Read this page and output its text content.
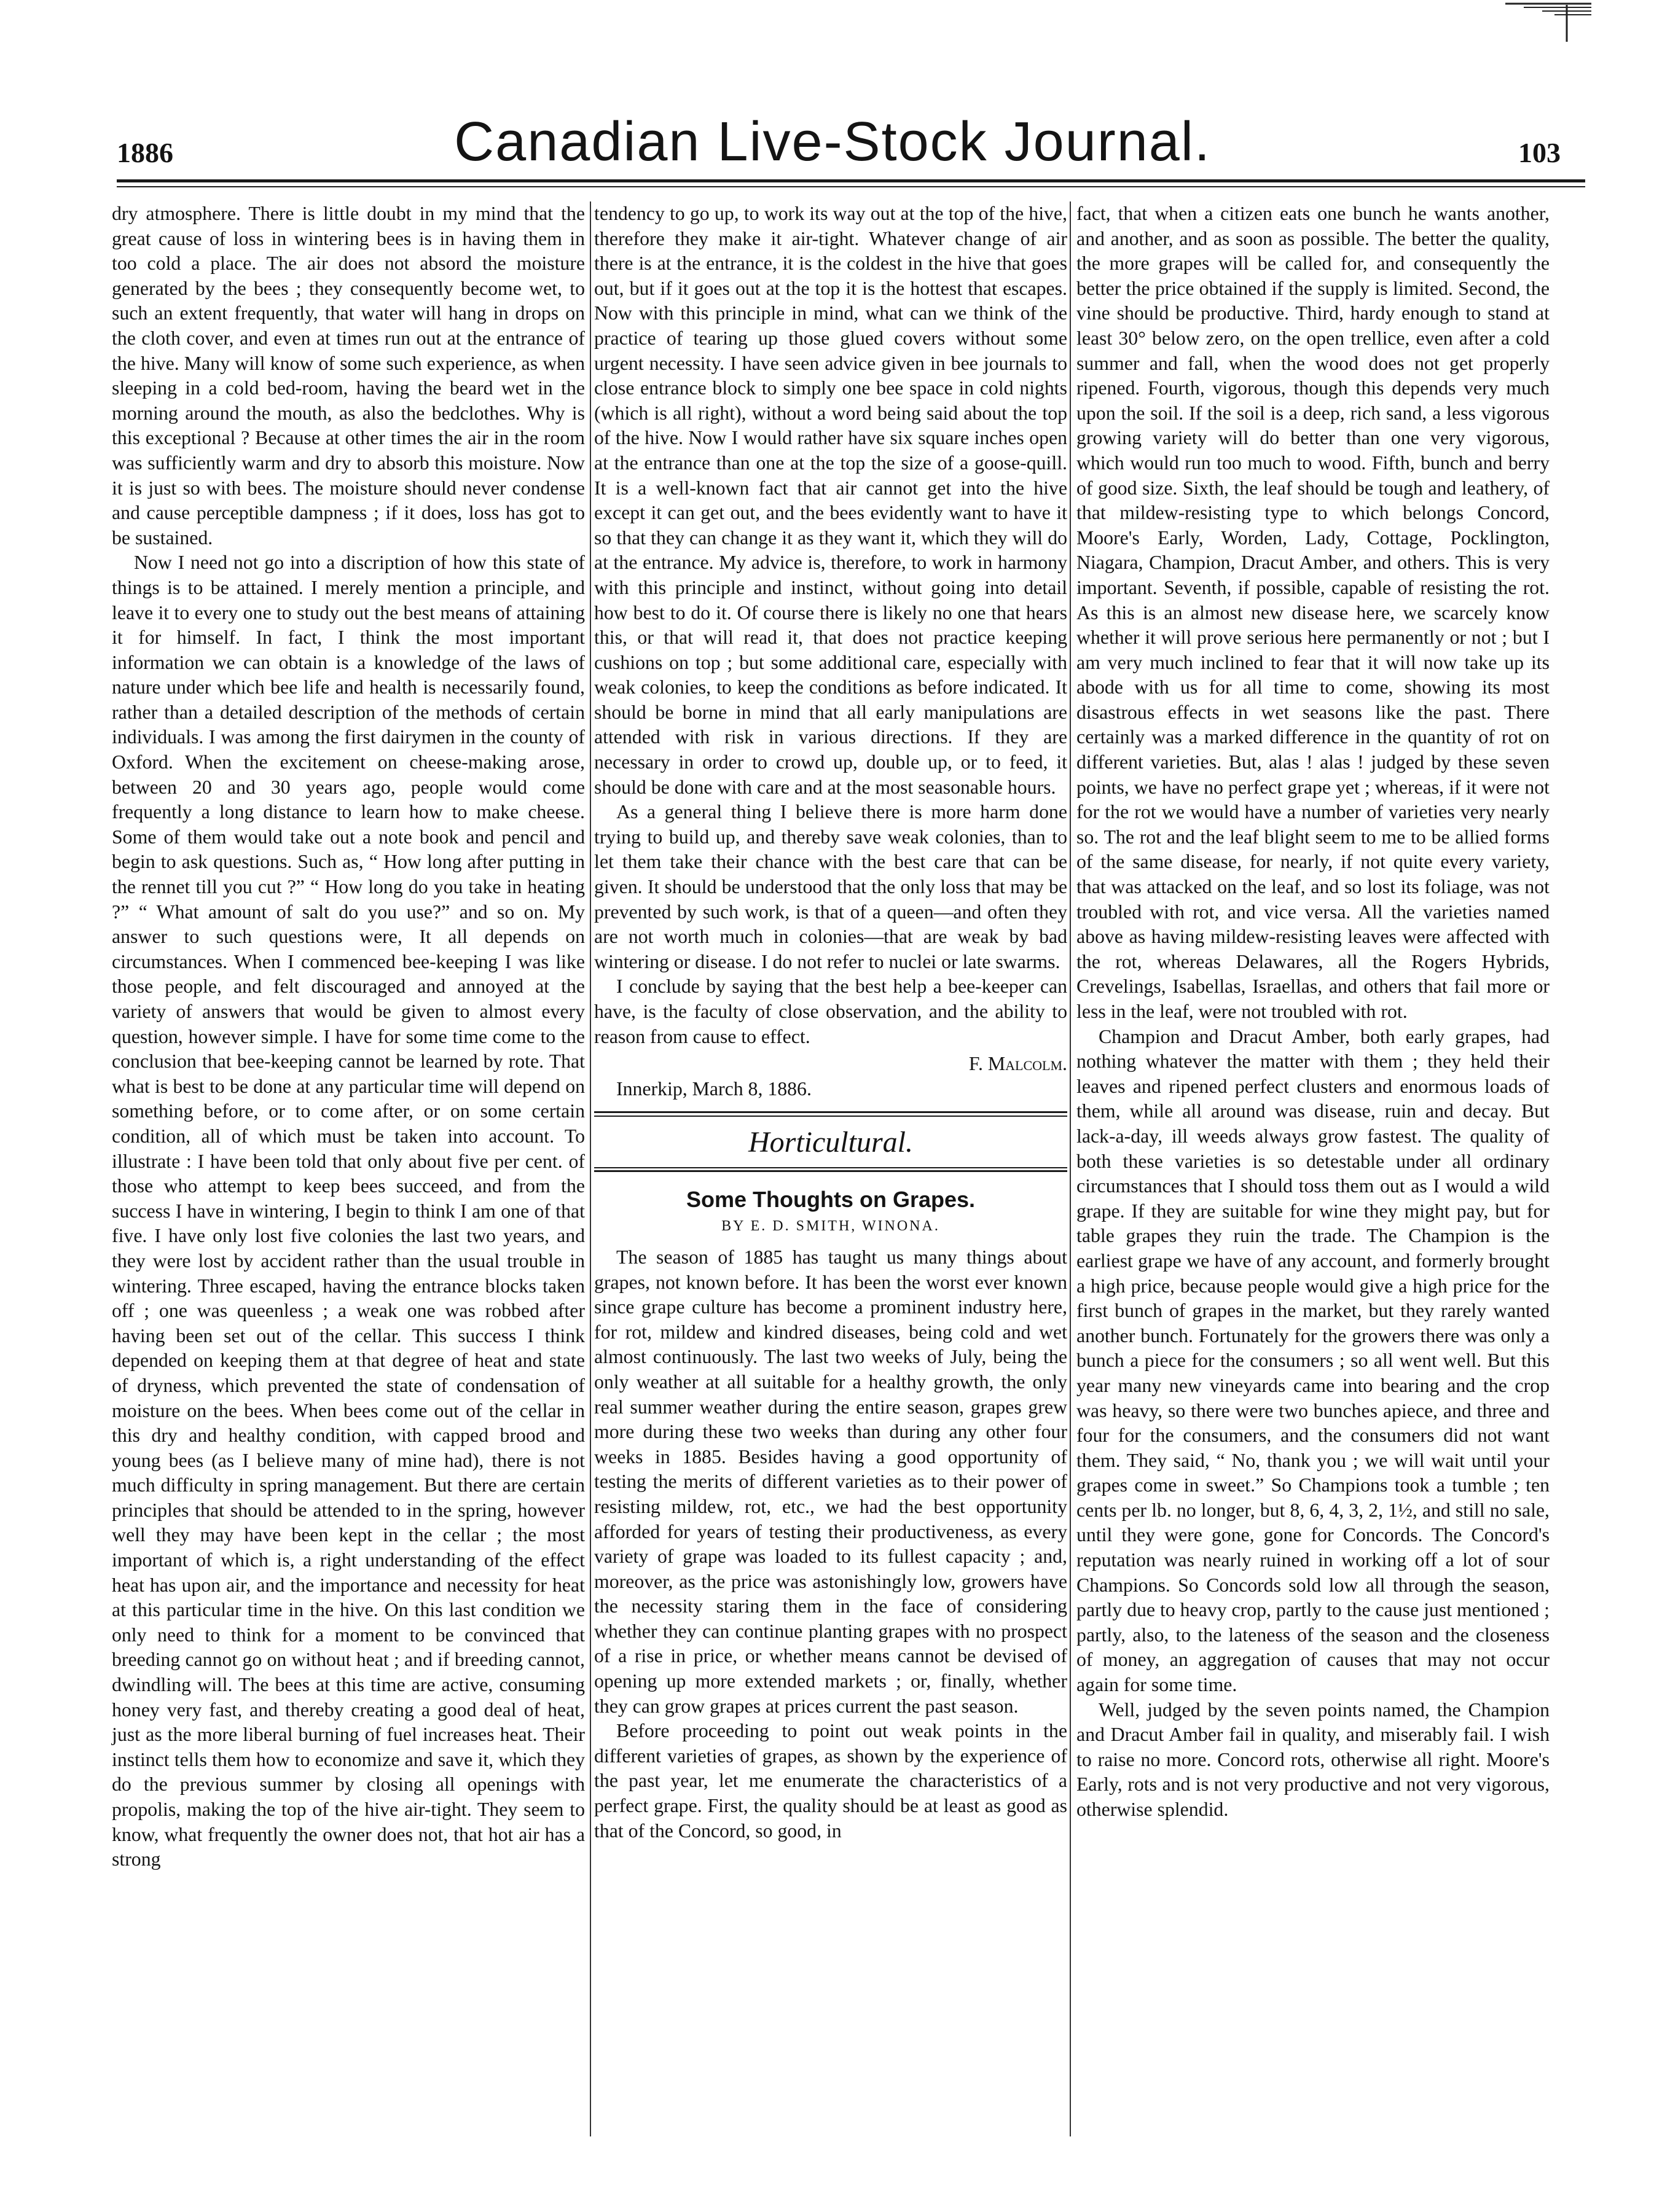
1886	Canadian Live-Stock Journal.	103

dry atmosphere. There is little doubt in my mind that the great cause of loss in wintering bees is in having them in too cold a place. The air does not absord the moisture generated by the bees ; they consequently become wet, to such an extent frequently, that water will hang in drops on the cloth cover, and even at times run out at the entrance of the hive. Many will know of some such experience, as when sleeping in a cold bed-room, having the beard wet in the morning around the mouth, as also the bedclothes. Why is this exceptional ? Because at other times the air in the room was sufficiently warm and dry to absorb this moisture. Now it is just so with bees. The moisture should never condense and cause perceptible dampness ; if it does, loss has got to be sustained.

Now I need not go into a discription of how this state of things is to be attained. I merely mention a principle, and leave it to every one to study out the best means of attaining it for himself. In fact, I think the most important information we can obtain is a knowledge of the laws of nature under which bee life and health is necessarily found, rather than a detailed description of the methods of certain individuals. I was among the first dairymen in the county of Oxford. When the excitement on cheese-making arose, between 20 and 30 years ago, people would come frequently a long distance to learn how to make cheese. Some of them would take out a note book and pencil and begin to ask questions. Such as, “ How long after putting in the rennet till you cut ?” “ How long do you take in heating ?” “ What amount of salt do you use?” and so on. My answer to such questions were, It all depends on circumstances. When I commenced bee-keeping I was like those people, and felt discouraged and annoyed at the variety of answers that would be given to almost every question, however simple. I have for some time come to the conclusion that bee-keeping cannot be learned by rote. That what is best to be done at any particular time will depend on something before, or to come after, or on some certain condition, all of which must be taken into account. To illustrate : I have been told that only about five per cent. of those who attempt to keep bees succeed, and from the success I have in wintering, I begin to think I am one of that five. I have only lost five colonies the last two years, and they were lost by accident rather than the usual trouble in wintering. Three escaped, having the entrance blocks taken off ; one was queenless ; a weak one was robbed after having been set out of the cellar. This success I think depended on keeping them at that degree of heat and state of dryness, which prevented the state of condensation of moisture on the bees. When bees come out of the cellar in this dry and healthy condition, with capped brood and young bees (as I believe many of mine had), there is not much difficulty in spring management. But there are certain principles that should be attended to in the spring, however well they may have been kept in the cellar ; the most important of which is, a right understanding of the effect heat has upon air, and the importance and necessity for heat at this particular time in the hive. On this last condition we only need to think for a moment to be convinced that breeding cannot go on without heat ; and if breeding cannot, dwindling will. The bees at this time are active, consuming honey very fast, and thereby creating a good deal of heat, just as the more liberal burning of fuel increases heat. Their instinct tells them how to economize and save it, which they do the previous summer by closing all openings with propolis, making the top of the hive air-tight. They seem to know, what frequently the owner does not, that hot air has a strong

tendency to go up, to work its way out at the top of the hive, therefore they make it air-tight. Whatever change of air there is at the entrance, it is the coldest in the hive that goes out, but if it goes out at the top it is the hottest that escapes. Now with this principle in mind, what can we think of the practice of tearing up those glued covers without some urgent necessity. I have seen advice given in bee journals to close entrance block to simply one bee space in cold nights (which is all right), without a word being said about the top of the hive. Now I would rather have six square inches open at the entrance than one at the top the size of a goose-quill. It is a well-known fact that air cannot get into the hive except it can get out, and the bees evidently want to have it so that they can change it as they want it, which they will do at the entrance. My advice is, therefore, to work in harmony with this principle and instinct, without going into detail how best to do it. Of course there is likely no one that hears this, or that will read it, that does not practice keeping cushions on top ; but some additional care, especially with weak colonies, to keep the conditions as before indicated. It should be borne in mind that all early manipulations are attended with risk in various directions. If they are necessary in order to crowd up, double up, or to feed, it should be done with care and at the most seasonable hours.

As a general thing I believe there is more harm done trying to build up, and thereby save weak colonies, than to let them take their chance with the best care that can be given. It should be understood that the only loss that may be prevented by such work, is that of a queen—and often they are not worth much in colonies—that are weak by bad wintering or disease. I do not refer to nuclei or late swarms.

I conclude by saying that the best help a bee-keeper can have, is the faculty of close observation, and the ability to reason from cause to effect.

F. Malcolm.

Innerkip, March 8, 1886.

Horticultural.
Some Thoughts on Grapes.
BY E. D. SMITH, WINONA.

The season of 1885 has taught us many things about grapes, not known before. It has been the worst ever known since grape culture has become a prominent industry here, for rot, mildew and kindred diseases, being cold and wet almost continuously. The last two weeks of July, being the only weather at all suitable for a healthy growth, the only real summer weather during the entire season, grapes grew more during these two weeks than during any other four weeks in 1885. Besides having a good opportunity of testing the merits of different varieties as to their power of resisting mildew, rot, etc., we had the best opportunity afforded for years of testing their productiveness, as every variety of grape was loaded to its fullest capacity ; and, moreover, as the price was astonishingly low, growers have the necessity staring them in the face of considering whether they can continue planting grapes with no prospect of a rise in price, or whether means cannot be devised of opening up more extended markets ; or, finally, whether they can grow grapes at prices current the past season.

Before proceeding to point out weak points in the different varieties of grapes, as shown by the experience of the past year, let me enumerate the characteristics of a perfect grape. First, the quality should be at least as good as that of the Concord, so good, in

fact, that when a citizen eats one bunch he wants another, and another, and as soon as possible. The better the quality, the more grapes will be called for, and consequently the better the price obtained if the supply is limited. Second, the vine should be productive. Third, hardy enough to stand at least 30° below zero, on the open trellice, even after a cold summer and fall, when the wood does not get properly ripened. Fourth, vigorous, though this depends very much upon the soil. If the soil is a deep, rich sand, a less vigorous growing variety will do better than one very vigorous, which would run too much to wood. Fifth, bunch and berry of good size. Sixth, the leaf should be tough and leathery, of that mildew-resisting type to which belongs Concord, Moore's Early, Worden, Lady, Cottage, Pocklington, Niagara, Champion, Dracut Amber, and others. This is very important. Seventh, if possible, capable of resisting the rot. As this is an almost new disease here, we scarcely know whether it will prove serious here permanently or not ; but I am very much inclined to fear that it will now take up its abode with us for all time to come, showing its most disastrous effects in wet seasons like the past. There certainly was a marked difference in the quantity of rot on different varieties. But, alas ! alas ! judged by these seven points, we have no perfect grape yet ; whereas, if it were not for the rot we would have a number of varieties very nearly so. The rot and the leaf blight seem to me to be allied forms of the same disease, for nearly, if not quite every variety, that was attacked on the leaf, and so lost its foliage, was not troubled with rot, and vice versa. All the varieties named above as having mildew-resisting leaves were affected with the rot, whereas Delawares, all the Rogers Hybrids, Crevelings, Isabellas, Israellas, and others that fail more or less in the leaf, were not troubled with rot.

Champion and Dracut Amber, both early grapes, had nothing whatever the matter with them ; they held their leaves and ripened perfect clusters and enormous loads of them, while all around was disease, ruin and decay. But lack-a-day, ill weeds always grow fastest. The quality of both these varieties is so detestable under all ordinary circumstances that I should toss them out as I would a wild grape. If they are suitable for wine they might pay, but for table grapes they ruin the trade. The Champion is the earliest grape we have of any account, and formerly brought a high price, because people would give a high price for the first bunch of grapes in the market, but they rarely wanted another bunch. Fortunately for the growers there was only a bunch a piece for the consumers ; so all went well. But this year many new vineyards came into bearing and the crop was heavy, so there were two bunches apiece, and three and four for the consumers, and the consumers did not want them. They said, “ No, thank you ; we will wait until your grapes come in sweet.” So Champions took a tumble ; ten cents per lb. no longer, but 8, 6, 4, 3, 2, 1½, and still no sale, until they were gone, gone for Concords. The Concord's reputation was nearly ruined in working off a lot of sour Champions. So Concords sold low all through the season, partly due to heavy crop, partly to the cause just mentioned ; partly, also, to the lateness of the season and the closeness of money, an aggregation of causes that may not occur again for some time.

Well, judged by the seven points named, the Champion and Dracut Amber fail in quality, and miserably fail. I wish to raise no more. Concord rots, otherwise all right. Moore's Early, rots and is not very productive and not very vigorous, otherwise splendid.
